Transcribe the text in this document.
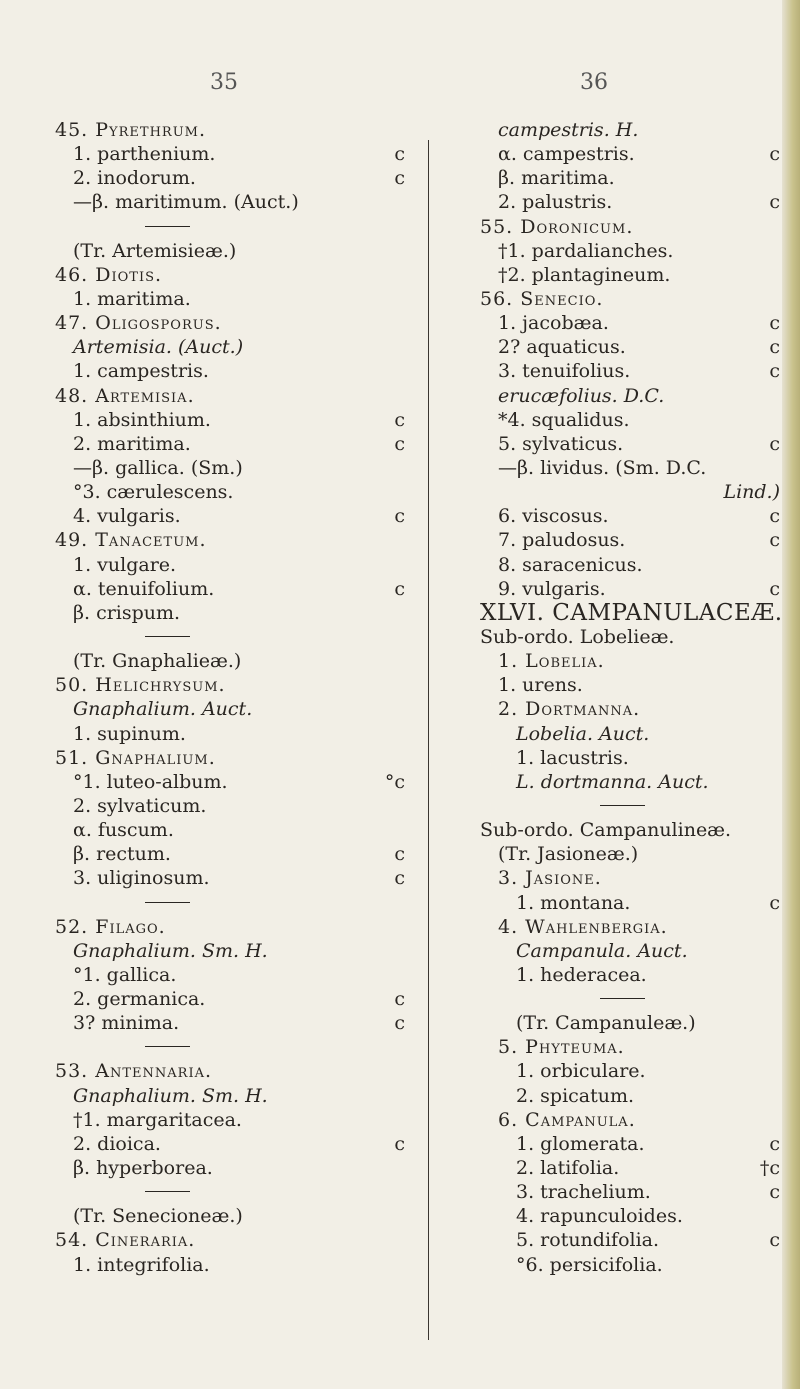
35	36
45. Pyrethrum.
1. parthenium.	c
2. inodorum.	c
—β. maritimum. (Auct.)
(Tr. Artemisieæ.)
46. Diotis.
1. maritima.
47. Oligosporus.
Artemisia. (Auct.)
1. campestris.
48. Artemisia.
1. absinthium.	c
2. maritima.	c
—β. gallica. (Sm.)
°3. cærulescens.
4. vulgaris.	c
49. Tanacetum.
1. vulgare.
α. tenuifolium.	c
β. crispum.
(Tr. Gnaphalieæ.)
50. Helichrysum.
Gnaphalium. Auct.
1. supinum.
51. Gnaphalium.
°1. luteo-album.	°c
2. sylvaticum.
α. fuscum.
β. rectum.	c
3. uliginosum.	c
52. Filago.
Gnaphalium. Sm. H.
°1. gallica.
2. germanica.	c
3? minima.	c
53. Antennaria.
Gnaphalium. Sm. H.
†1. margaritacea.
2. dioica.	c
β. hyperborea.
(Tr. Senecioneæ.)
54. Cineraria.
1. integrifolia.
campestris. H.
α. campestris.	c
β. maritima.
2. palustris.	c
55. Doronicum.
†1. pardalianches.
†2. plantagineum.
56. Senecio.
1. jacobæa.	c
2? aquaticus.	c
3. tenuifolius.	c
erucæfolius. D.C.
*4. squalidus.
5. sylvaticus.	c
—β. lividus. (Sm. D.C.
Lind.)
6. viscosus.	c
7. paludosus.	c
8. saracenicus.
9. vulgaris.	c
XLVI. CAMPANULACEÆ.
Sub-ordo. Lobelieæ.
1. Lobelia.
1. urens.
2. Dortmanna.
Lobelia. Auct.
1. lacustris.
L. dortmanna. Auct.
Sub-ordo. Campanulineæ.
(Tr. Jasioneæ.)
3. Jasione.
1. montana.	c
4. Wahlenbergia.
Campanula. Auct.
1. hederacea.
(Tr. Campanuleæ.)
5. Phyteuma.
1. orbiculare.
2. spicatum.
6. Campanula.
1. glomerata.	c
2. latifolia.	†c
3. trachelium.	c
4. rapunculoides.
5. rotundifolia.	c
°6. persicifolia.
